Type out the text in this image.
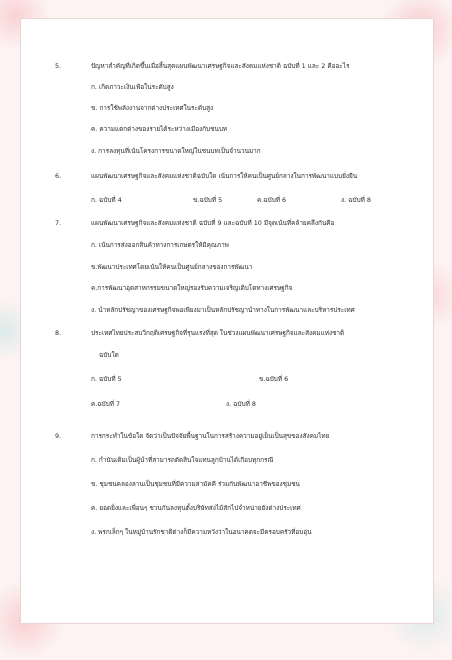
5.	ปัญหาสำคัญที่เกิดขึ้นเมื่อสิ้นสุดแผนพัฒนาเศรษฐกิจและสังคมแห่งชาติ ฉบับที่ 1 และ 2 คืออะไร
ก. เกิดภาวะเงินเฟ้อในระดับสูง
ข. การใช้พลังงานจากต่างประเทศในระดับสูง
ค. ความแตกต่างของรายได้ระหว่างเมืองกับชนบท
ง. การลงทุนที่เน้นโครงการขนาดใหญ่ในชนบทเป็นจำนวนมาก
6.	แผนพัฒนาเศรษฐกิจและสังคมแห่งชาติฉบับใด เน้นการให้คนเป็นศูนย์กลางในการพัฒนาแบบยั่งยืน
ก. ฉบับที่ 4	ข.ฉบับที่ 5	ค.ฉบับที่ 6	ง. ฉบับที่ 8
7.	แผนพัฒนาเศรษฐกิจและสังคมแห่งชาติ ฉบับที่ 9 และฉบับที่ 10 มีจุดเน้นที่คล้ายคลึงกันคือ
ก. เน้นการส่งออกสินค้าทางการเกษตรให้มีคุณภาพ
ข.พัฒนาประเทศโดยเน้นให้คนเป็นศูนย์กลางของการพัฒนา
ค.การพัฒนาอุตสาหกรรมขนาดใหญ่รองรับความเจริญเติบโตทางเศรษฐกิจ
ง. นำหลักปรัชญาของเศรษฐกิจพอเพียงมาเป็นหลักปรัชญานำทางในการพัฒนาและบริหารประเทศ
8.	ประเทศไทยประสบวิกฤติเศรษฐกิจที่รุนแรงที่สุด ในช่วงแผนพัฒนาเศรษฐกิจและสังคมแห่งชาติ
ฉบับใด
ก. ฉบับที่ 5	ข.ฉบับที่ 6
ค.ฉบับที่ 7	ง. ฉบับที่ 8
9.	การกระทำในข้อใด จัดว่าเป็นปัจจัยพื้นฐานในการสร้างความอยู่เย็นเป็นสุขของสังคมไทย
ก. กำนันเติมเป็นผู้นำที่สามารถตัดสินใจแทนลูกบ้านได้เกือบทุกกรณี
ข. ชุมชนคลองลานเป็นชุมชนที่มีความสามัคคี ร่วมกันพัฒนาอาชีพของชุมชน
ค. ยอดยิ่งและเพื่อนๆ ชวนกันลงทุนตั้งบริษัทส่งไม้สักไปจำหน่ายยังต่างประเทศ
ง. พรกเล็กๆ ในหมู่บ้านรักชาติต่างก็มีความหวังว่าในอนาคตจะมีครอบครัวที่อบอุ่น
